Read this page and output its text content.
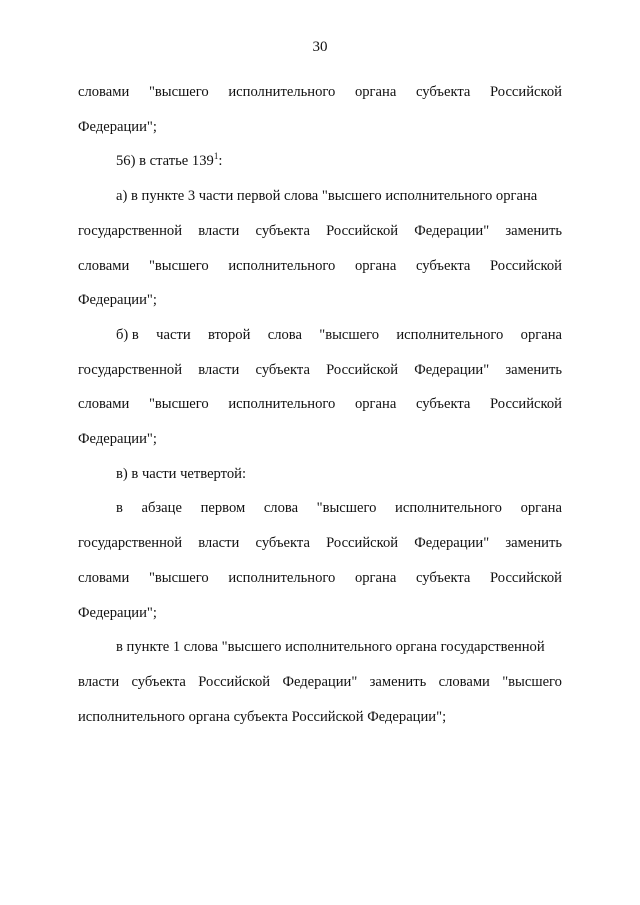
30
словами "высшего исполнительного органа субъекта Российской
Федерации";
56) в статье $139^1$:
а) в пункте 3 части первой слова "высшего исполнительного органа
государственной власти субъекта Российской Федерации" заменить
словами "высшего исполнительного органа субъекта Российской
Федерации";
б) в части второй слова "высшего исполнительного органа
государственной власти субъекта Российской Федерации" заменить
словами "высшего исполнительного органа субъекта Российской
Федерации";
в) в части четвертой:
в абзаце первом слова "высшего исполнительного органа
государственной власти субъекта Российской Федерации" заменить
словами "высшего исполнительного органа субъекта Российской
Федерации";
в пункте 1 слова "высшего исполнительного органа государственной
власти субъекта Российской Федерации" заменить словами "высшего
исполнительного органа субъекта Российской Федерации";
